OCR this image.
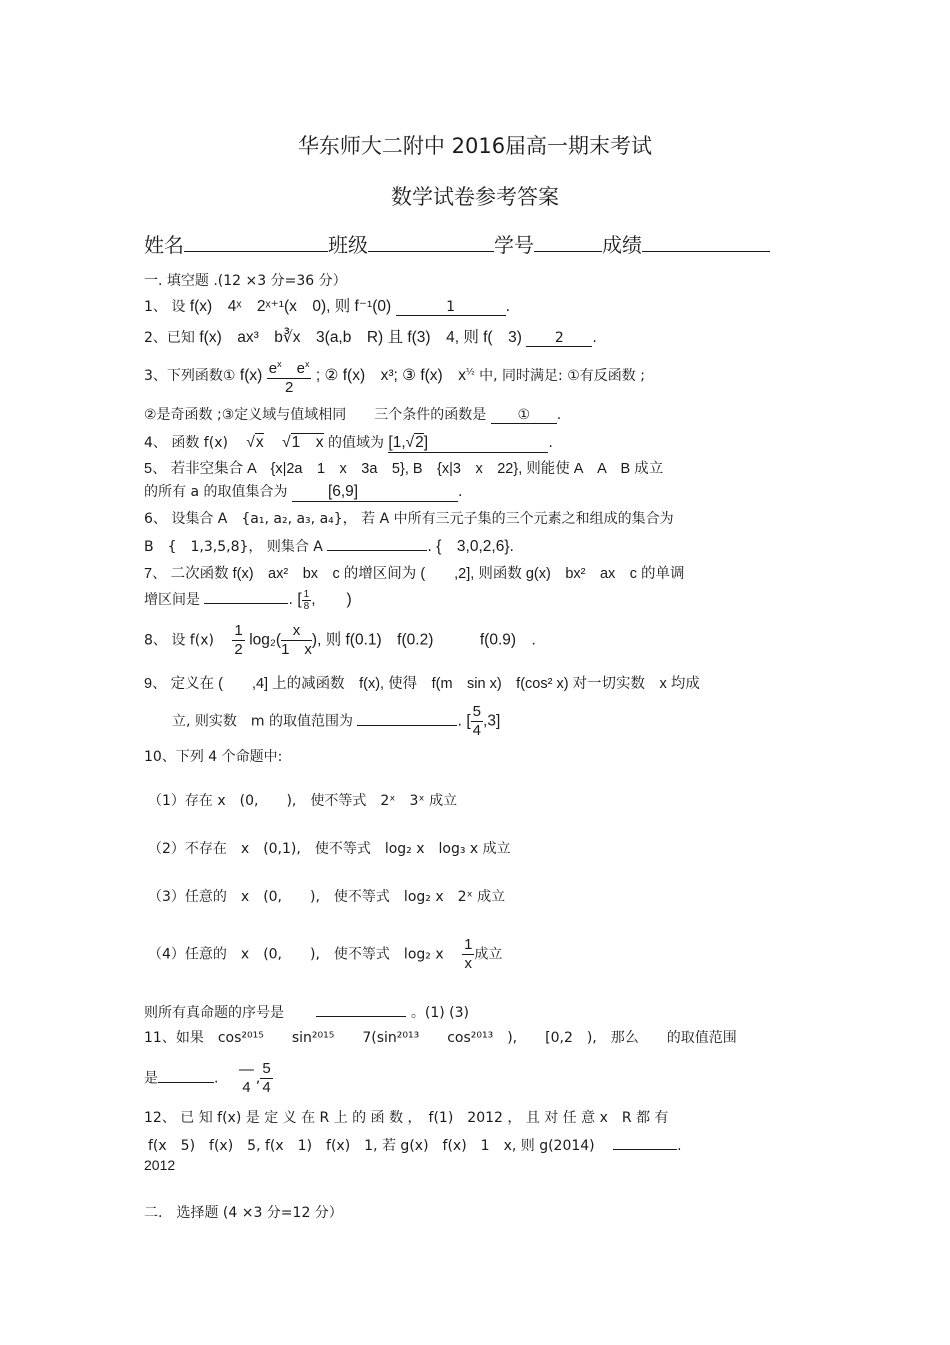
华东师大二附中 2016届高一期末考试
数学试卷参考答案
姓名	班级	学号	成绩
一. 填空题 .(12 ×3 分=36 分）
1、 设 f(x)　4ˣ　2ˣ⁺¹(x　0), 则 f⁻¹(0)	1	.
2、已知 f(x)　ax³　b∛x　3(a,b　R) 且 f(3)　4, 则 f(　3) 2 .
3、下列函数① $f(x) \frac{e^x e^x}{2}$ ; ② f(x)　x³; ③ f(x)　$x^{\frac{1}{2}}$ 中, 同时满足: ①有反函数 ;
②是奇函数 ;③定义域与值域相同　　三个条件的函数是 ① .
4、 函数 f(x)　 √x　 √1　x 的值域为 [1,√2]	.
5、 若非空集合 A　{x|2a　1　x　3a　5}, B　{x|3　x　22}, 则能使 A　A　B 成立
的所有 a 的取值集合为	[6,9]	.
6、 设集合 A　{a₁, a₂, a₃, a₄}， 若 A 中所有三元子集的三个元素之和组成的集合为
B　{　1,3,5,8}， 则集合 A	. {　3,0,2,6}.
7、 二次函数 f(x)　ax²　bx　c 的增区间为 (　　,2], 则函数 g(x)　bx²　ax　c 的单调
增区间是	. [ $\frac{1}{8}$ ,　　)
8、 设 f(x)　 $\frac{1}{2} \log_2( \frac{x}{1 x}$ ), 则 f(0.1)　f(0.2)　　　f(0.9)　.
9、 定义在 (　　,4] 上的减函数　f(x), 使得　f(m　sin x)　f(cos² x) 对一切实数　x 均成
立, 则实数　m 的取值范围为	. [ $\frac{5}{4} ,3$]
10、下列 4 个命题中:
（1）存在 x　(0,　　),　使不等式　2ˣ　3ˣ 成立
（2）不存在　x　(0,1),　使不等式　log₂ x　log₃ x 成立
（3）任意的　x　(0,　　),　使不等式　log₂ x　2ˣ 成立
（4）任意的　x　(0,　　),　使不等式　log₂ x　 $\frac{1}{x}$ 成立
则所有真命题的序号是　　	。(1) (3)
11、如果　cos²⁰¹⁵　　sin²⁰¹⁵　　7(sin²⁰¹³　　cos²⁰¹³　),　　[0,2　),　那么　　的取值范围
是	.　
—
4 , $\frac{5}{4}$
12、 已 知 f(x) 是 定 义 在 R 上 的 函 数 ，　f(1)　2012 ， 且 对 任 意 x　R 都 有
f(x　5)　f(x)　5, f(x　1)　f(x)　1, 若 g(x)　f(x)　1　x, 则 g(2014)　	.
2012
二.　选择题 (4 ×3 分=12 分）
